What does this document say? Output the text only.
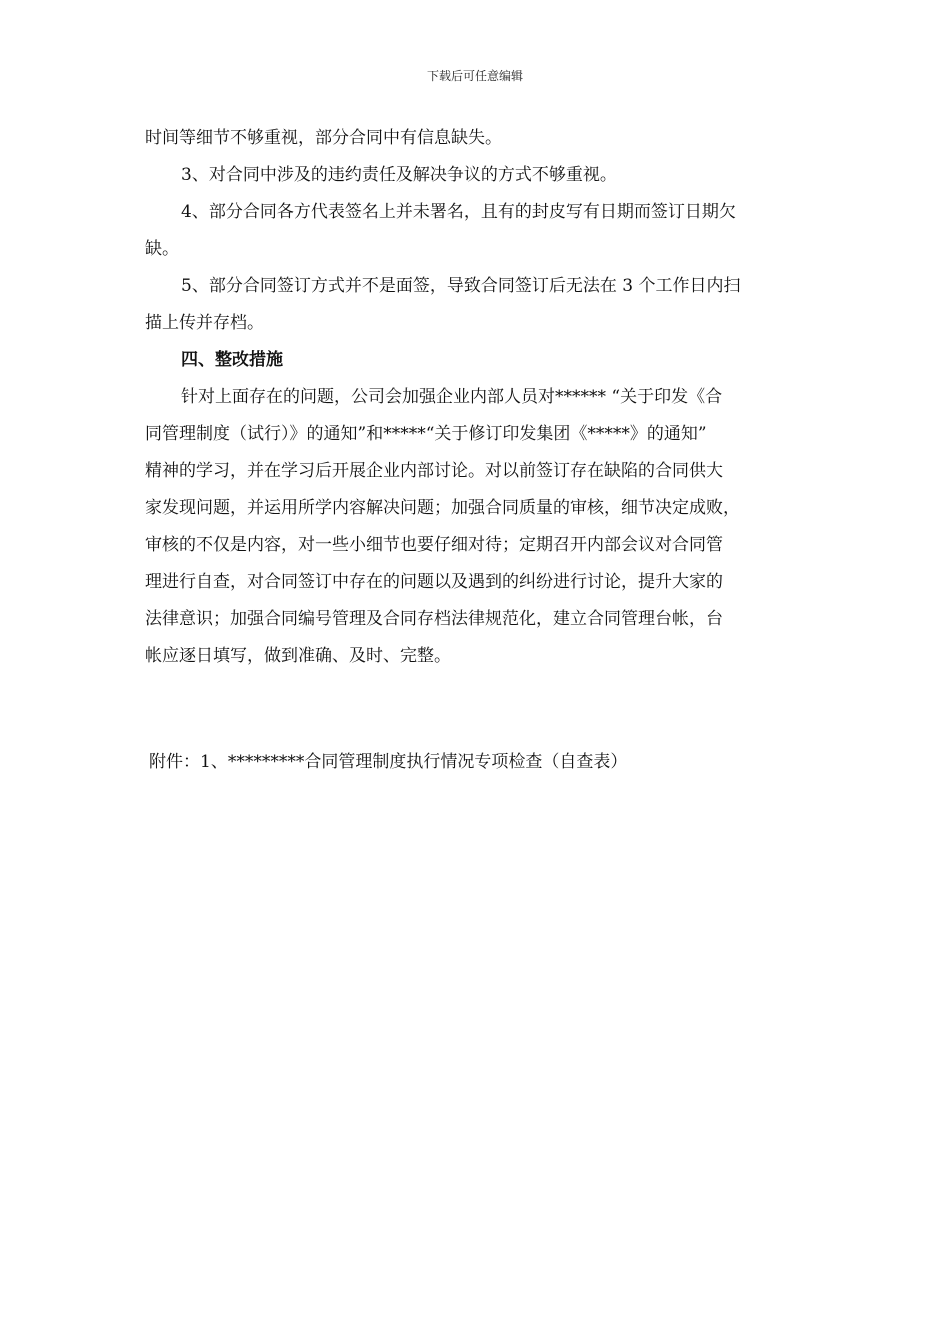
下载后可任意编辑
时间等细节不够重视，部分合同中有信息缺失。
3、对合同中涉及的违约责任及解决争议的方式不够重视。
4、部分合同各方代表签名上并未署名，且有的封皮写有日期而签订日期欠
缺。
5、部分合同签订方式并不是面签，导致合同签订后无法在 3 个工作日内扫
描上传并存档。
四、整改措施
针对上面存在的问题，公司会加强企业内部人员对****** “关于印发《合
同管理制度（试行）》的通知”和*****“关于修订印发集团《*****》的通知”
精神的学习，并在学习后开展企业内部讨论。对以前签订存在缺陷的合同供大
家发现问题，并运用所学内容解决问题；加强合同质量的审核，细节决定成败，
审核的不仅是内容，对一些小细节也要仔细对待；定期召开内部会议对合同管
理进行自查，对合同签订中存在的问题以及遇到的纠纷进行讨论，提升大家的
法律意识；加强合同编号管理及合同存档法律规范化，建立合同管理台帐，台
帐应逐日填写，做到准确、及时、完整。
附件：1、*********合同管理制度执行情况专项检查（自查表）
